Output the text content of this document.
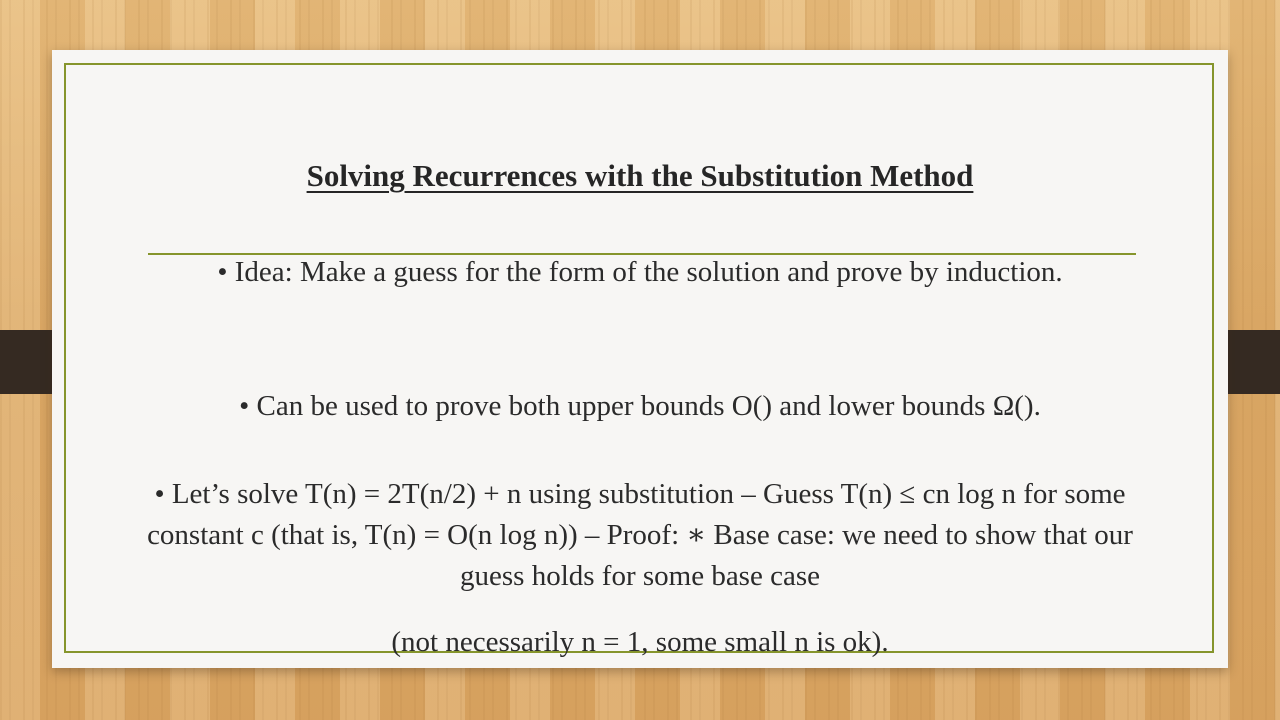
Solving Recurrences with the Substitution Method
• Idea: Make a guess for the form of the solution and prove by induction.
• Can be used to prove both upper bounds O() and lower bounds Ω().
• Let’s solve T(n) = 2T(n/2) + n using substitution – Guess T(n) ≤ cn log n for some constant c (that is, T(n) = O(n log n)) – Proof: ∗ Base case: we need to show that our guess holds for some base case
(not necessarily n = 1, some small n is ok).
